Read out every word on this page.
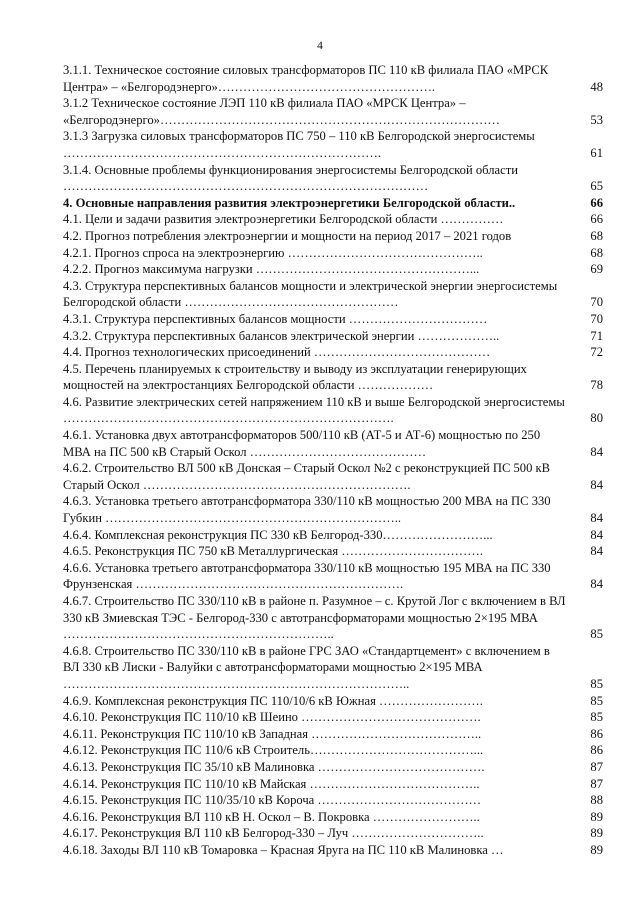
4
3.1.1. Техническое состояние силовых трансформаторов ПС 110 кВ филиала ПАО «МРСК Центра» – «Белгородэнерго»…………………………………………….	48
3.1.2 Техническое состояние ЛЭП 110 кВ филиала ПАО «МРСК Центра» – «Белгородэнерго»………………………………………………………………………	53
3.1.3 Загрузка силовых трансформаторов ПС 750 – 110 кВ Белгородской энергосистемы ………………………………………………………………….	61
3.1.4. Основные проблемы функционирования энергосистемы Белгородской области ……………………………………………………………………………	65
4. Основные направления развития электроэнергетики Белгородской области..	66
4.1. Цели и задачи развития электроэнергетики Белгородской области ……………	66
4.2. Прогноз потребления электроэнергии и мощности на период 2017 – 2021 годов	68
4.2.1. Прогноз спроса на электроэнергию ………………………………………..	68
4.2.2. Прогноз максимума нагрузки ……………………………………………...	69
4.3. Структура перспективных балансов мощности и электрической энергии энергосистемы Белгородской области ……………………………………………	70
4.3.1. Структура перспективных балансов мощности ……………………………	70
4.3.2. Структура перспективных балансов электрической энергии ………………..	71
4.4. Прогноз технологических присоединений ……………………………………	72
4.5. Перечень планируемых к строительству и выводу из эксплуатации генерирующих мощностей на электростанциях Белгородской области ………………	78
4.6. Развитие электрических сетей напряжением 110 кВ и выше Белгородской энергосистемы …………………………………………………………………….	80
4.6.1. Установка двух автотрансформаторов 500/110 кВ (АТ-5 и АТ-6) мощностью по 250 МВА на ПС 500 кВ Старый Оскол ……………………………………	84
4.6.2. Строительство ВЛ 500 кВ Донская – Старый Оскол №2 с реконструкцией ПС 500 кВ Старый Оскол ……………………………………………………….	84
4.6.3. Установка третьего автотрансформатора 330/110 кВ мощностью 200 МВА на ПС 330 Губкин ……………………………………………………………..	84
4.6.4. Комплексная реконструкция ПС 330 кВ Белгород-330……………………...	84
4.6.5. Реконструкция ПС 750 кВ Металлургическая …………………………….	84
4.6.6. Установка третьего автотрансформатора 330/110 кВ мощностью 195 МВА на ПС 330 Фрунзенская ……………………………………………………….	84
4.6.7. Строительство ПС 330/110 кВ в районе п. Разумное – с. Крутой Лог с включением в ВЛ 330 кВ Змиевская ТЭС - Белгород-330 с автотрансформаторами мощностью 2×195 МВА ………………………………………………………..	85
4.6.8. Строительство ПС 330/110 кВ в районе ГРС ЗАО «Стандартцемент» с включением в ВЛ 330 кВ Лиски - Валуйки с автотрансформаторами мощностью 2×195 МВА ………………………………………………………………………..	85
4.6.9. Комплексная реконструкция ПС 110/10/6 кВ Южная …………………….	85
4.6.10. Реконструкция ПС 110/10 кВ Шеино …………………………………….	85
4.6.11. Реконструкция ПС 110/10 кВ Западная …………………………………..	86
4.6.12. Реконструкция ПС 110/6 кВ Строитель…………………………………...	86
4.6.13. Реконструкция ПС 35/10 кВ Малиновка ………………………………….	87
4.6.14. Реконструкция ПС 110/10 кВ Майская …………………………………..	87
4.6.15. Реконструкция ПС 110/35/10 кВ Короча …………………………………	88
4.6.16. Реконструкция ВЛ 110 кВ Н. Оскол – В. Покровка ……………………..	89
4.6.17. Реконструкция ВЛ 110 кВ Белгород-330 – Луч …………………………..	89
4.6.18. Заходы ВЛ 110 кВ Томаровка – Красная Яруга на ПС 110 кВ Малиновка …	89
